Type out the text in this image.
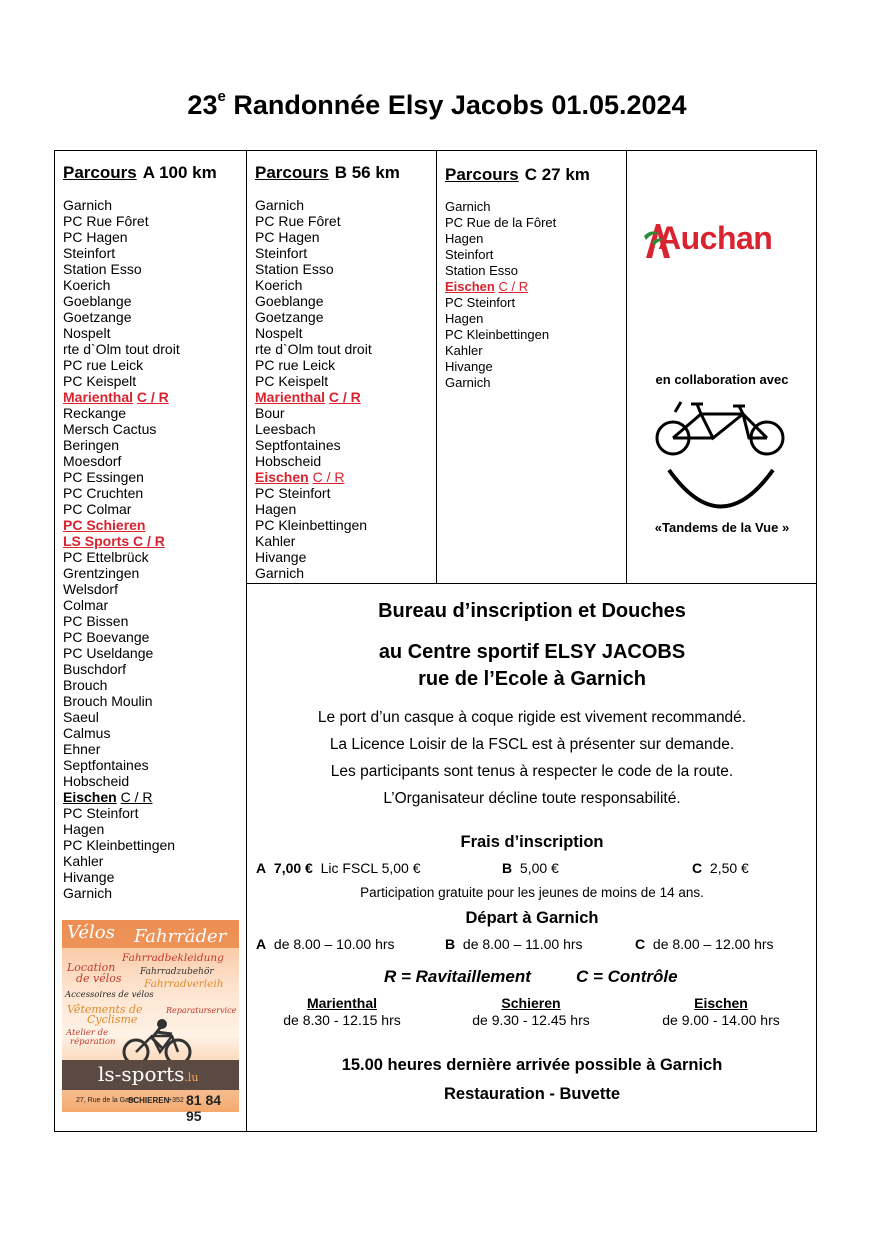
23e Randonnée Elsy Jacobs 01.05.2024
Parcours A 100 km
Garnich
PC Rue Fôret
PC Hagen
Steinfort
Station Esso
Koerich
Goeblange
Goetzange
Nospelt
rte d`Olm tout droit
PC rue Leick
PC Keispelt
Marienthal C / R
Reckange
Mersch Cactus
Beringen
Moesdorf
PC Essingen
PC Cruchten
PC Colmar
PC Schieren
LS Sports C / R
PC Ettelbrück
Grentzingen
Welsdorf
Colmar
PC Bissen
PC Boevange
PC Useldange
Buschdorf
Brouch
Brouch Moulin
Saeul
Calmus
Ehner
Septfontaines
Hobscheid
Eischen C / R
PC Steinfort
Hagen
PC Kleinbettingen
Kahler
Hivange
Garnich
Parcours B 56 km
Garnich
PC Rue Fôret
PC Hagen
Steinfort
Station Esso
Koerich
Goeblange
Goetzange
Nospelt
rte d`Olm tout droit
PC rue Leick
PC Keispelt
Marienthal C / R
Bour
Leesbach
Septfontaines
Hobscheid
Eischen C / R
PC Steinfort
Hagen
PC Kleinbettingen
Kahler
Hivange
Garnich
Parcours C 27 km
Garnich
PC Rue de la Fôret
Hagen
Steinfort
Station Esso
Eischen C / R
PC Steinfort
Hagen
PC Kleinbettingen
Kahler
Hivange
Garnich
Auchan
en collaboration avec
«Tandems de la Vue »
Vélos Fahrräder
Fahrradbekleidung
Location	Fahrradzubehör
de vélos Fahrradverleih
Accessoires de vélos
Vêtements de
Cyclisme
Reparaturservice
Atelier de
réparation
ls-sports.lu
27, Rue de la Gare
SCHIEREN
+352 81 84 95
Bureau d’inscription et Douches
au Centre sportif ELSY JACOBS
rue de l’Ecole à Garnich
Le port d’un casque à coque rigide est vivement recommandé.
La Licence Loisir de la FSCL est à présenter sur demande.
Les participants sont tenus à respecter le code de la route.
L’Organisateur décline toute responsabilité.
Frais d’inscription
A 7,00 € Lic FSCL 5,00 €	B 5,00 €	C 2,50 €
Participation gratuite pour les jeunes de moins de 14 ans.
Départ à Garnich
A de 8.00 – 10.00 hrs	B de 8.00 – 11.00 hrs	C de 8.00 – 12.00 hrs
R = Ravitaillement	C = Contrôle
Marienthal
de 8.30 - 12.15 hrs
Schieren
de 9.30 - 12.45 hrs
Eischen
de 9.00 - 14.00 hrs
15.00 heures dernière arrivée possible à Garnich
Restauration - Buvette
